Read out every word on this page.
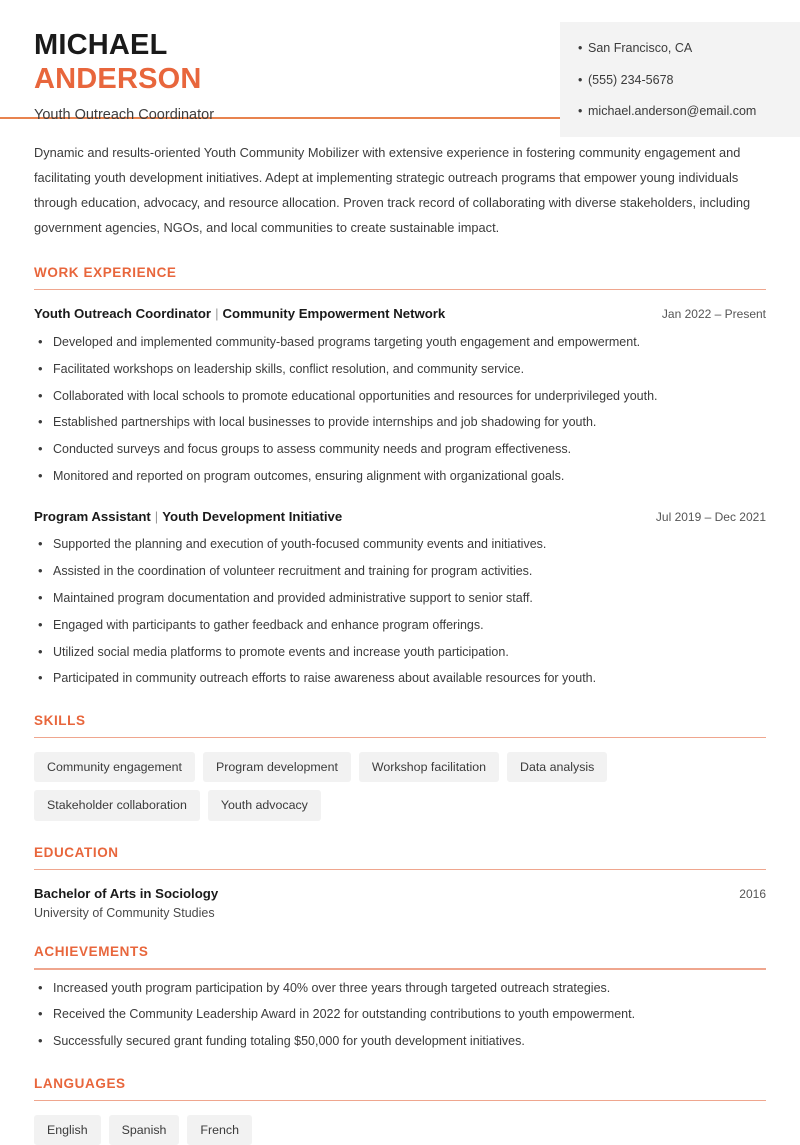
MICHAEL
ANDERSON
Youth Outreach Coordinator
• San Francisco, CA
• (555) 234-5678
• michael.anderson@email.com
Dynamic and results-oriented Youth Community Mobilizer with extensive experience in fostering community engagement and facilitating youth development initiatives. Adept at implementing strategic outreach programs that empower young individuals through education, advocacy, and resource allocation. Proven track record of collaborating with diverse stakeholders, including government agencies, NGOs, and local communities to create sustainable impact.
WORK EXPERIENCE
Youth Outreach Coordinator | Community Empowerment Network	Jan 2022 – Present
• Developed and implemented community-based programs targeting youth engagement and empowerment.
• Facilitated workshops on leadership skills, conflict resolution, and community service.
• Collaborated with local schools to promote educational opportunities and resources for underprivileged youth.
• Established partnerships with local businesses to provide internships and job shadowing for youth.
• Conducted surveys and focus groups to assess community needs and program effectiveness.
• Monitored and reported on program outcomes, ensuring alignment with organizational goals.
Program Assistant | Youth Development Initiative	Jul 2019 – Dec 2021
• Supported the planning and execution of youth-focused community events and initiatives.
• Assisted in the coordination of volunteer recruitment and training for program activities.
• Maintained program documentation and provided administrative support to senior staff.
• Engaged with participants to gather feedback and enhance program offerings.
• Utilized social media platforms to promote events and increase youth participation.
• Participated in community outreach efforts to raise awareness about available resources for youth.
SKILLS
Community engagement	Program development	Workshop facilitation	Data analysis
Stakeholder collaboration	Youth advocacy
EDUCATION
Bachelor of Arts in Sociology	2016
University of Community Studies
ACHIEVEMENTS
• Increased youth program participation by 40% over three years through targeted outreach strategies.
• Received the Community Leadership Award in 2022 for outstanding contributions to youth empowerment.
• Successfully secured grant funding totaling $50,000 for youth development initiatives.
LANGUAGES
English	Spanish	French
